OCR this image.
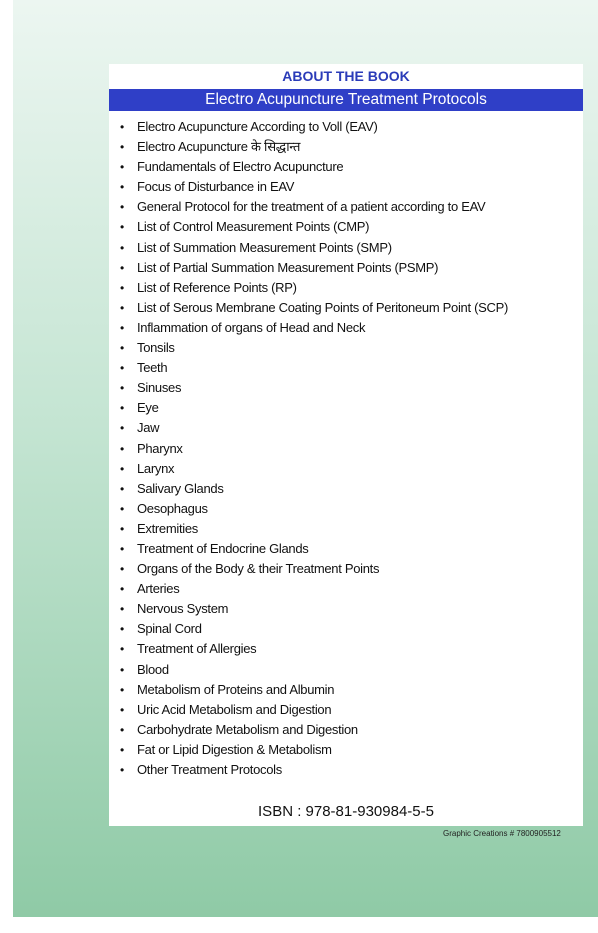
ABOUT THE BOOK
Electro Acupuncture Treatment Protocols
• Electro Acupuncture According to Voll (EAV)
• Electro Acupuncture के सिद्धान्त
• Fundamentals of Electro Acupuncture
• Focus of Disturbance in EAV
• General Protocol for the treatment of a patient according to EAV
• List of Control Measurement Points (CMP)
• List of Summation Measurement Points (SMP)
• List of Partial Summation Measurement Points (PSMP)
• List of Reference Points (RP)
• List of Serous Membrane Coating Points of Peritoneum Point (SCP)
• Inflammation of organs of Head and Neck
• Tonsils
• Teeth
• Sinuses
• Eye
• Jaw
• Pharynx
• Larynx
• Salivary Glands
• Oesophagus
• Extremities
• Treatment of Endocrine Glands
• Organs of the Body & their Treatment Points
• Arteries
• Nervous System
• Spinal Cord
• Treatment of Allergies
• Blood
• Metabolism of Proteins and Albumin
• Uric Acid Metabolism and Digestion
• Carbohydrate Metabolism and Digestion
• Fat or Lipid Digestion & Metabolism
• Other Treatment Protocols
ISBN : 978-81-930984-5-5
Graphic Creations # 7800905512
